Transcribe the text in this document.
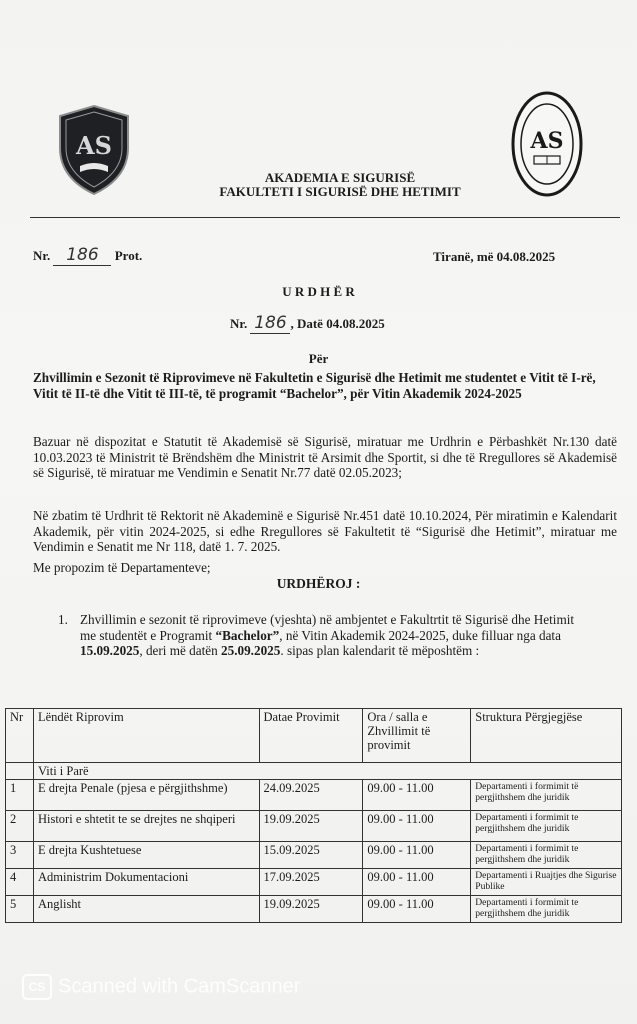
AS	AS
AKADEMIA E SIGURISË
FAKULTETI I SIGURISË DHE HETIMIT
Nr. 186 Prot.	Tiranë, më 04.08.2025
U R D H Ë R
Nr. 186 , Datë 04.08.2025
Për
Zhvillimin e Sezonit të Riprovimeve në Fakultetin e Sigurisë dhe Hetimit me studentet e Vitit të I-rë, Vitit të II-të dhe Vitit të III-të, të programit “Bachelor”, për Vitin Akademik 2024-2025
Bazuar në dispozitat e Statutit të Akademisë së Sigurisë, miratuar me Urdhrin e Përbashkët Nr.130 datë 10.03.2023 të Ministrit të Brëndshëm dhe Ministrit të Arsimit dhe Sportit, si dhe të Rregullores së Akademisë së Sigurisë, të miratuar me Vendimin e Senatit Nr.77 datë 02.05.2023;
Në zbatim të Urdhrit të Rektorit në Akademinë e Sigurisë Nr.451 datë 10.10.2024, Për miratimin e Kalendarit Akademik, për vitin 2024-2025, si edhe Rregullores së Fakultetit të “Sigurisë dhe Hetimit”, miratuar me Vendimin e Senatit me Nr 118, datë 1. 7. 2025.
Me propozim të Departamenteve;
URDHËROJ :
1. Zhvillimin e sezonit të riprovimeve (vjeshta) në ambjentet e Fakultrtit të Sigurisë dhe Hetimit me studentët e Programit “Bachelor”, në Vitin Akademik 2024-2025, duke filluar nga data 15.09.2025, deri më datën 25.09.2025. sipas plan kalendarit të mëposhtëm :
Nr	Lëndët Riprovim	Datae Provimit	Ora / salla e Zhvillimit të provimit	Struktura Përgjegjëse
	Viti i Parë			
1	E drejta Penale (pjesa e përgjithshme)	24.09.2025	09.00 - 11.00	Departamenti i formimit të pergjithshem dhe juridik
2	Histori e shtetit te se drejtes ne shqiperi	19.09.2025	09.00 - 11.00	Departamenti i formimit te pergjithshem dhe juridik
3	E drejta Kushtetuese	15.09.2025	09.00 - 11.00	Departamenti i formimit te pergjithshem dhe juridik
4	Administrim Dokumentacioni	17.09.2025	09.00 - 11.00	Departamenti i Ruajtjes dhe Sigurise Publike
5	Anglisht	19.09.2025	09.00 - 11.00	Departamenti i formimit te pergjithshem dhe juridik
CS Scanned with CamScanner
